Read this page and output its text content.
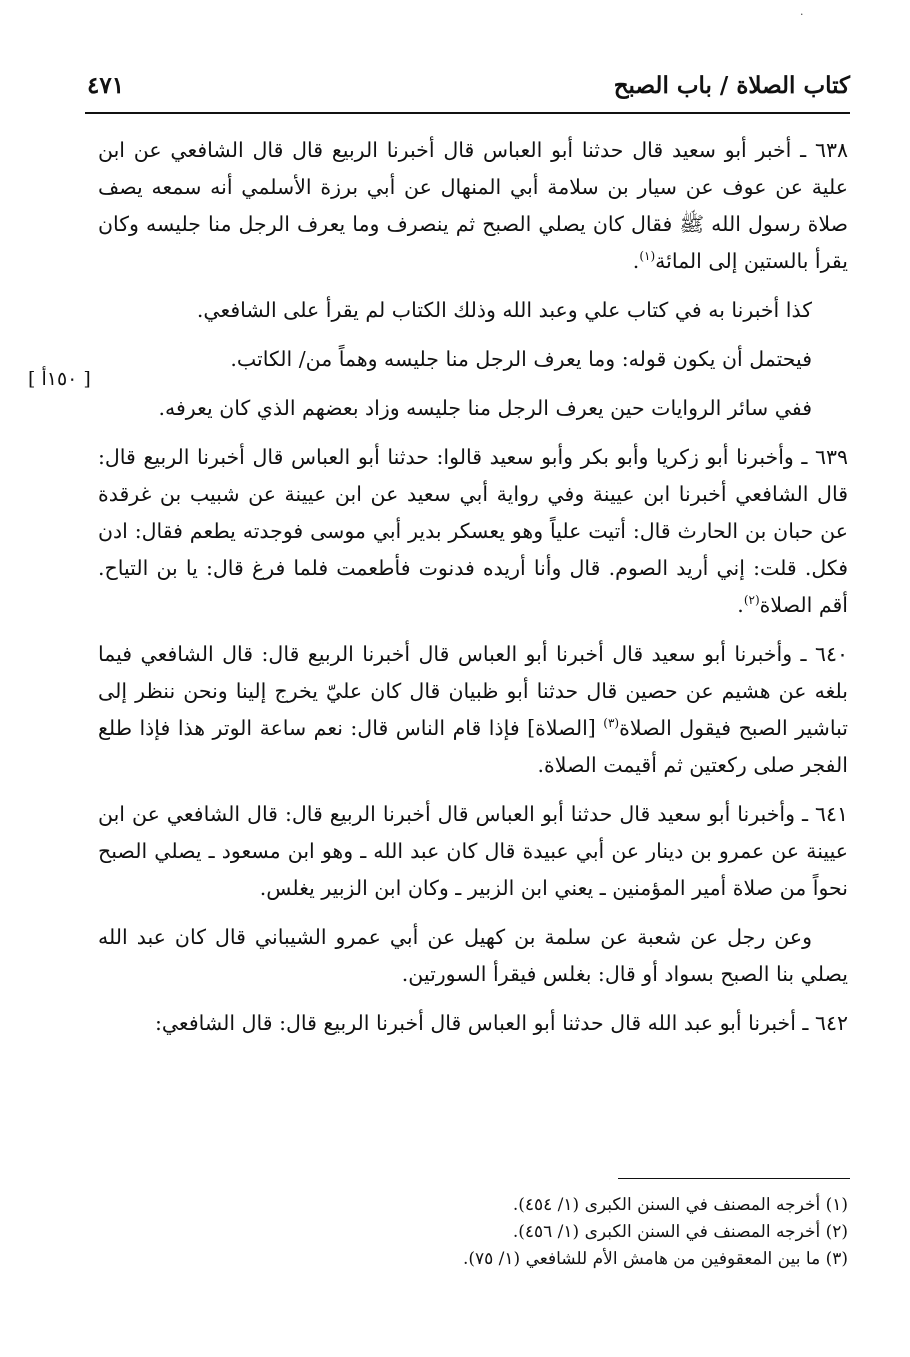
·
كتاب الصلاة / باب الصبح
٤٧١
[ ١٥٠أ ]

٦٣٨ ـ أخبر أبو سعيد قال حدثنا أبو العباس قال أخبرنا الربيع قال قال الشافعي عن ابن علية عن عوف عن سيار بن سلامة أبي المنهال عن أبي برزة الأسلمي أنه سمعه يصف صلاة رسول الله ﷺ فقال كان يصلي الصبح ثم ينصرف وما يعرف الرجل منا جليسه وكان يقرأ بالستين إلى المائة$^{(١)}$.

كذا أخبرنا به في كتاب علي وعبد الله وذلك الكتاب لم يقرأ على الشافعي.

فيحتمل أن يكون قوله: وما يعرف الرجل منا جليسه وهماً من/ الكاتب.

ففي سائر الروايات حين يعرف الرجل منا جليسه وزاد بعضهم الذي كان يعرفه.

٦٣٩ ـ وأخبرنا أبو زكريا وأبو بكر وأبو سعيد قالوا: حدثنا أبو العباس قال أخبرنا الربيع قال: قال الشافعي أخبرنا ابن عيينة وفي رواية أبي سعيد عن ابن عيينة عن شبيب بن غرقدة عن حبان بن الحارث قال: أتيت علياً وهو يعسكر بدير أبي موسى فوجدته يطعم فقال: ادن فكل. قلت: إني أريد الصوم. قال وأنا أريده فدنوت فأطعمت فلما فرغ قال: يا بن التياح. أقم الصلاة$^{(٢)}$.

٦٤٠ ـ وأخبرنا أبو سعيد قال أخبرنا أبو العباس قال أخبرنا الربيع قال: قال الشافعي فيما بلغه عن هشيم عن حصين قال حدثنا أبو ظبيان قال كان عليّ يخرج إلينا ونحن ننظر إلى تباشير الصبح فيقول الصلاة$^{(٣)}$ [الصلاة] فإذا قام الناس قال: نعم ساعة الوتر هذا فإذا طلع الفجر صلى ركعتين ثم أقيمت الصلاة.

٦٤١ ـ وأخبرنا أبو سعيد قال حدثنا أبو العباس قال أخبرنا الربيع قال: قال الشافعي عن ابن عيينة عن عمرو بن دينار عن أبي عبيدة قال كان عبد الله ـ وهو ابن مسعود ـ يصلي الصبح نحواً من صلاة أمير المؤمنين ـ يعني ابن الزبير ـ وكان ابن الزبير يغلس.

وعن رجل عن شعبة عن سلمة بن كهيل عن أبي عمرو الشيباني قال كان عبد الله يصلي بنا الصبح بسواد أو قال: بغلس فيقرأ السورتين.

٦٤٢ ـ أخبرنا أبو عبد الله قال حدثنا أبو العباس قال أخبرنا الربيع قال: قال الشافعي:

(١) أخرجه المصنف في السنن الكبرى (١/ ٤٥٤).
(٢) أخرجه المصنف في السنن الكبرى (١/ ٤٥٦).
(٣) ما بين المعقوفين من هامش الأم للشافعي (١/ ٧٥).
